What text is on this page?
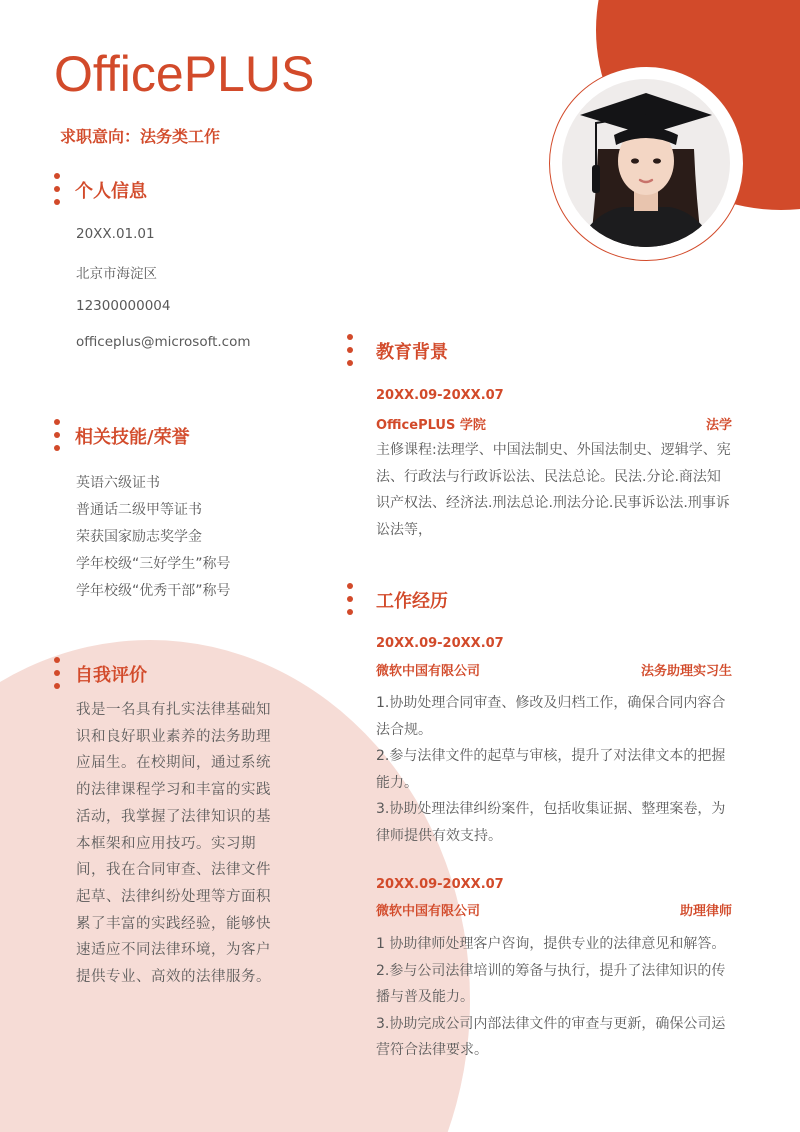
OfficePLUS
求职意向：法务类工作
个人信息
20XX.01.01
北京市海淀区
12300000004
officeplus@microsoft.com
相关技能/荣誉
英语六级证书
普通话二级甲等证书
荣获国家励志奖学金
学年校级“三好学生”称号
学年校级“优秀干部”称号
自我评价

我是一名具有扎实法律基础知识和良好职业素养的法务助理应届生。在校期间，通过系统的法律课程学习和丰富的实践活动，我掌握了法律知识的基本框架和应用技巧。实习期间，我在合同审查、法律文件起草、法律纠纷处理等方面积累了丰富的实践经验，能够快速适应不同法律环境，为客户提供专业、高效的法律服务。

教育背景
20XX.09-20XX.07
OfficePLUS 学院	法学

主修课程:法理学、中国法制史、外国法制史、逻辑学、宪法、行政法与行政诉讼法、民法总论。民法.分论.商法知识产权法、经济法.刑法总论.刑法分论.民事诉讼法.刑事诉讼法等，

工作经历
20XX.09-20XX.07
微软中国有限公司	法务助理实习生

1.协助处理合同审查、修改及归档工作，确保合同内容合法合规。

2.参与法律文件的起草与审核，提升了对法律文本的把握能力。

3.协助处理法律纠纷案件，包括收集证据、整理案卷，为律师提供有效支持。

20XX.09-20XX.07
微软中国有限公司	助理律师

1 协助律师处理客户咨询，提供专业的法律意见和解答。

2.参与公司法律培训的筹备与执行，提升了法律知识的传播与普及能力。

3.协助完成公司内部法律文件的审查与更新，确保公司运营符合法律要求。
